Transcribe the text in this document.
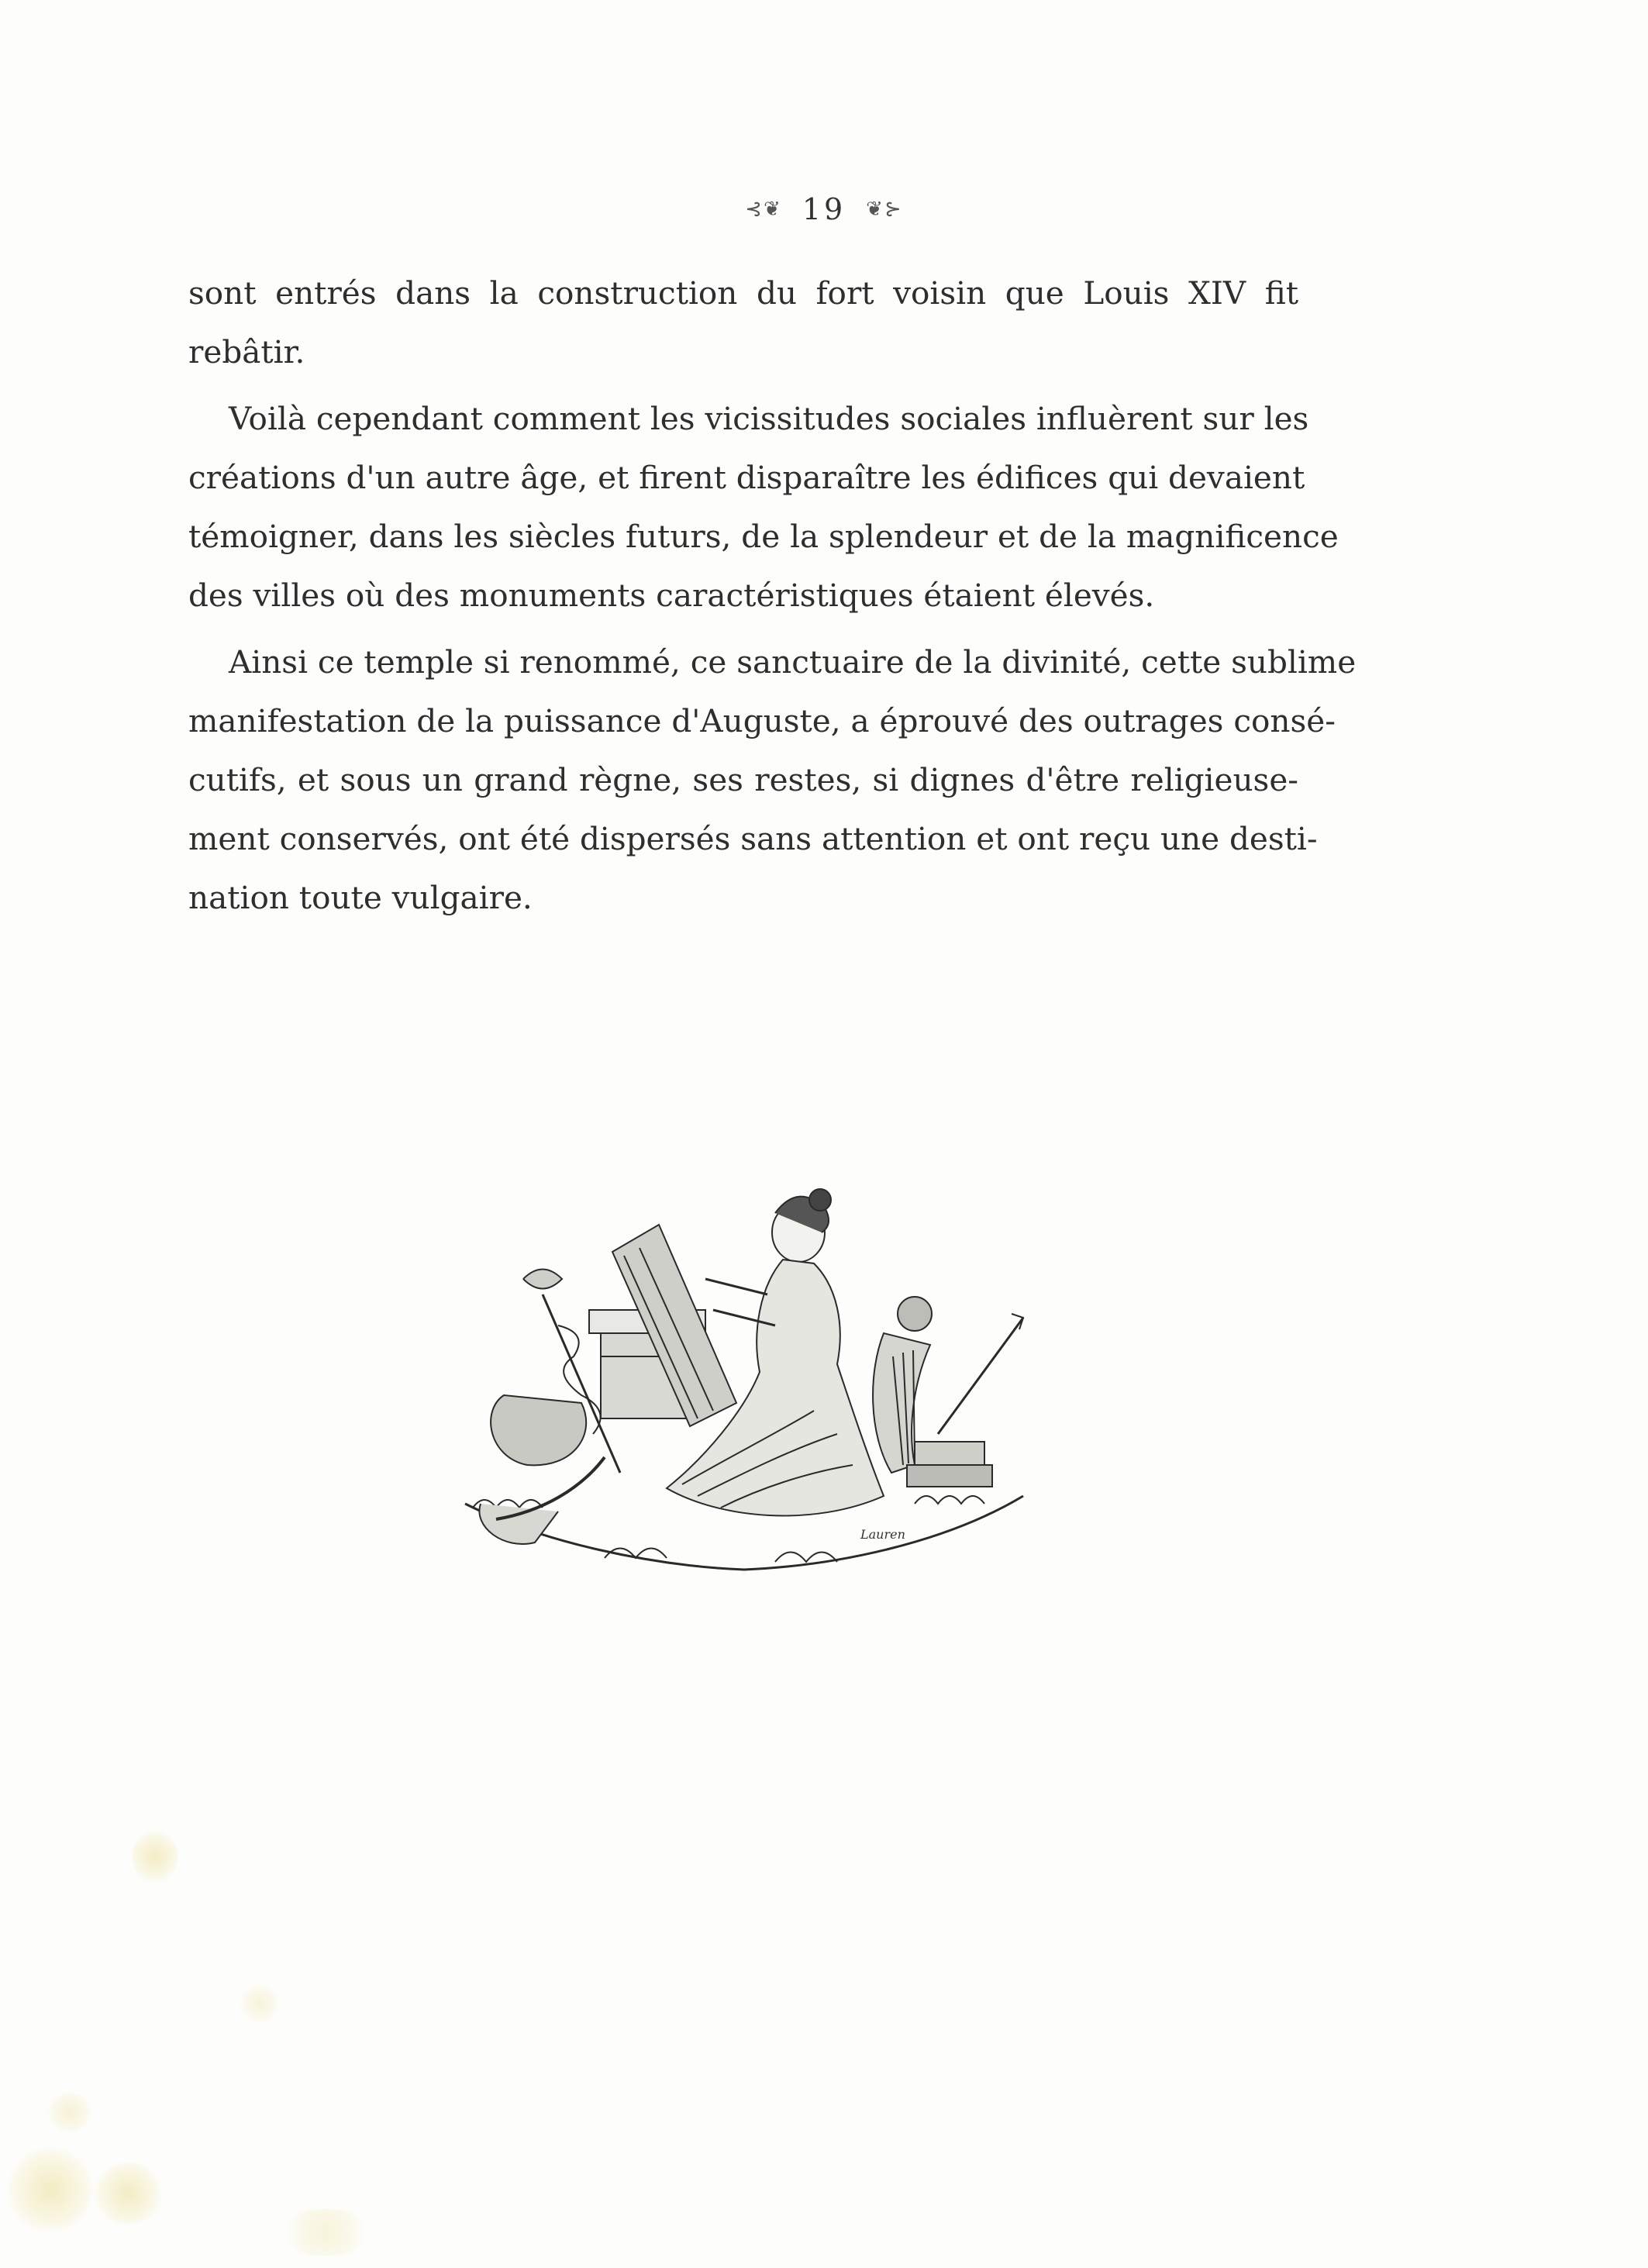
⊰❦ 19 ❦⊱

sont entrés dans la construction du fort voisin que Louis XIV fit
rebâtir.

Voilà cependant comment les vicissitudes sociales influèrent sur les
créations d'un autre âge, et firent disparaître les édifices qui devaient
témoigner, dans les siècles futurs, de la splendeur et de la magnificence
des villes où des monuments caractéristiques étaient élevés.

Ainsi ce temple si renommé, ce sanctuaire de la divinité, cette sublime
manifestation de la puissance d'Auguste, a éprouvé des outrages consé-
cutifs, et sous un grand règne, ses restes, si dignes d'être religieuse-
ment conservés, ont été dispersés sans attention et ont reçu une desti-
nation toute vulgaire.

Lauren
